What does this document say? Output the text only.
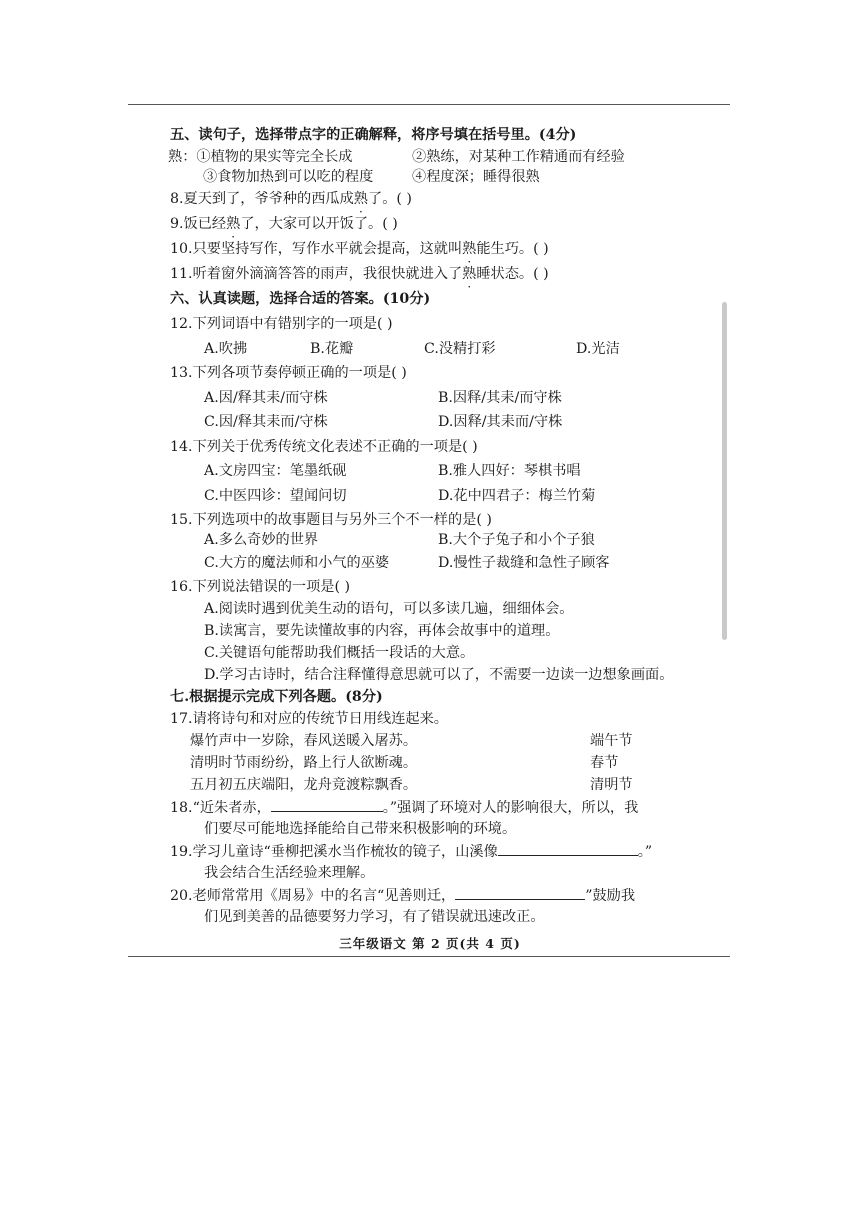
五、读句子，选择带点字的正确解释，将序号填在括号里。(4分)
熟：①植物的果实等完全长成	②熟练，对某种工作精通而有经验
③食物加热到可以吃的程度	④程度深；睡得很熟
8.夏天到了，爷爷种的西瓜成熟了。( )
9.饭已经熟了，大家可以开饭了。( )
10.只要坚持写作，写作水平就会提高，这就叫熟能生巧。( )
11.听着窗外滴滴答答的雨声，我很快就进入了熟睡状态。( )
六、认真读题，选择合适的答案。(10分)
12.下列词语中有错别字的一项是( )
A.吹拂	B.花瓣	C.没精打彩	D.光洁
13.下列各项节奏停顿正确的一项是( )
A.因/释其耒/而守株	B.因释/其耒/而守株
C.因/释其耒而/守株	D.因释/其耒而/守株
14.下列关于优秀传统文化表述不正确的一项是( )
A.文房四宝：笔墨纸砚	B.雅人四好：琴棋书唱
C.中医四诊：望闻问切	D.花中四君子：梅兰竹菊
15.下列选项中的故事题目与另外三个不一样的是( )
A.多么奇妙的世界	B.大个子兔子和小个子狼
C.大方的魔法师和小气的巫婆	D.慢性子裁缝和急性子顾客
16.下列说法错误的一项是( )
A.阅读时遇到优美生动的语句，可以多读几遍，细细体会。
B.读寓言，要先读懂故事的内容，再体会故事中的道理。
C.关键语句能帮助我们概括一段话的大意。
D.学习古诗时，结合注释懂得意思就可以了，不需要一边读一边想象画面。
七.根据提示完成下列各题。(8分)
17.请将诗句和对应的传统节日用线连起来。
爆竹声中一岁除，春风送暖入屠苏。	端午节
清明时节雨纷纷，路上行人欲断魂。	春节
五月初五庆端阳，龙舟竞渡粽飘香。	清明节
18.“近朱者赤，	。”强调了环境对人的影响很大，所以，我
们要尽可能地选择能给自己带来积极影响的环境。
19.学习儿童诗“垂柳把溪水当作梳妆的镜子，山溪像	。”
我会结合生活经验来理解。
20.老师常常用《周易》中的名言“见善则迁，	”鼓励我
们见到美善的品德要努力学习，有了错误就迅速改正。
三年级语文 第 2 页(共 4 页)
